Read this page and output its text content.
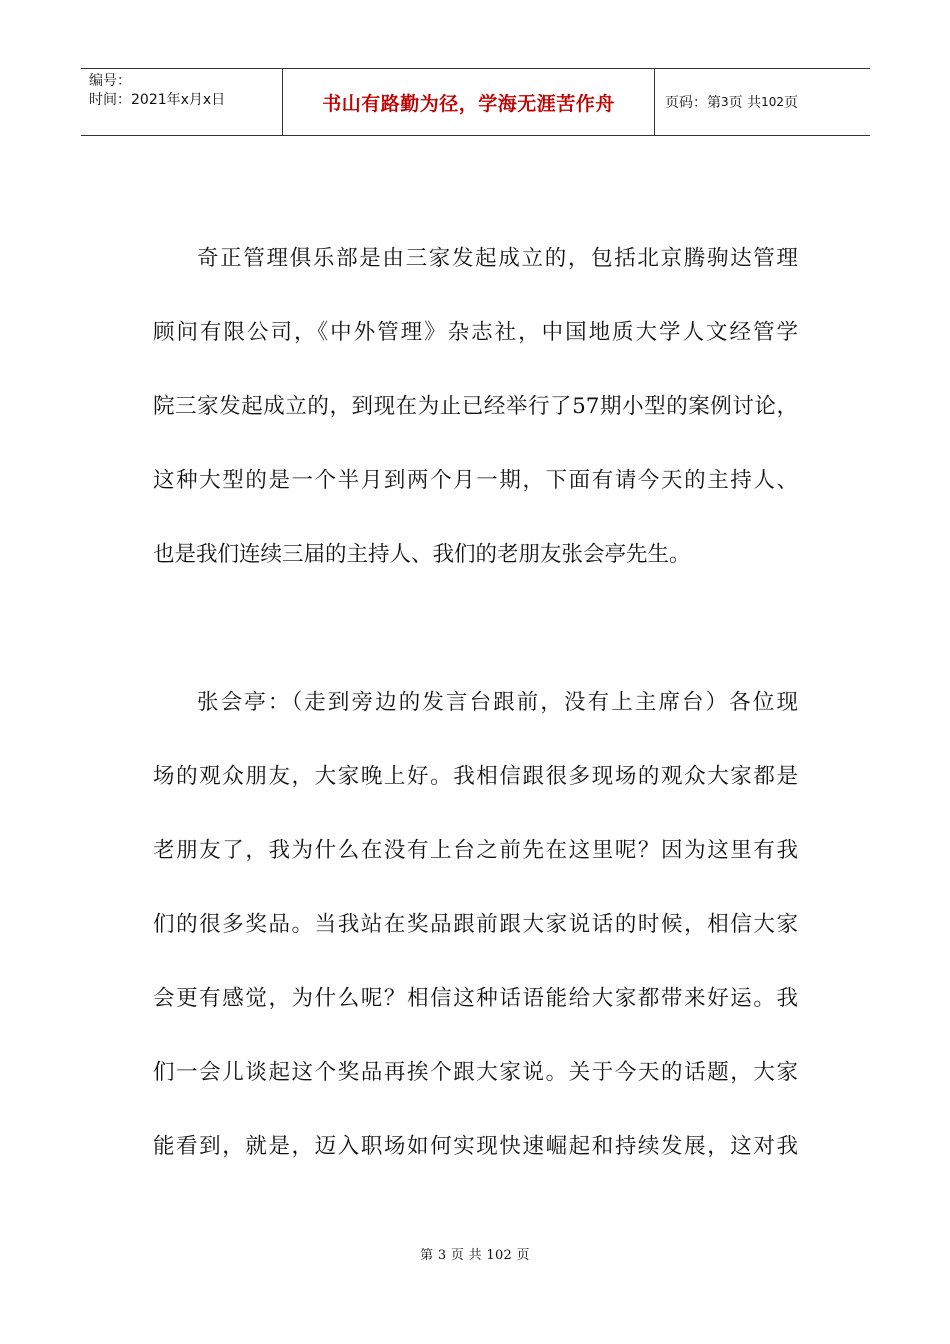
编号：
时间：2021年x月x日	书山有路勤为径，学海无涯苦作舟	页码：第 3 页 共 102 页

奇正管理俱乐部是由三家发起成立的，包括北京腾驹达管理
顾问有限公司，《中外管理》杂志社，中国地质大学人文经管学
院三家发起成立的，到现在为止已经举行了57期小型的案例讨论，
这种大型的是一个半月到两个月一期，下面有请今天的主持人、
也是我们连续三届的主持人、我们的老朋友张会亭先生。

张会亭：（走到旁边的发言台跟前，没有上主席台）各位现
场的观众朋友，大家晚上好。我相信跟很多现场的观众大家都是
老朋友了，我为什么在没有上台之前先在这里呢？因为这里有我
们的很多奖品。当我站在奖品跟前跟大家说话的时候，相信大家
会更有感觉，为什么呢？相信这种话语能给大家都带来好运。我
们一会儿谈起这个奖品再挨个跟大家说。关于今天的话题，大家
能看到，就是，迈入职场如何实现快速崛起和持续发展，这对我

第 3 页 共 102 页
